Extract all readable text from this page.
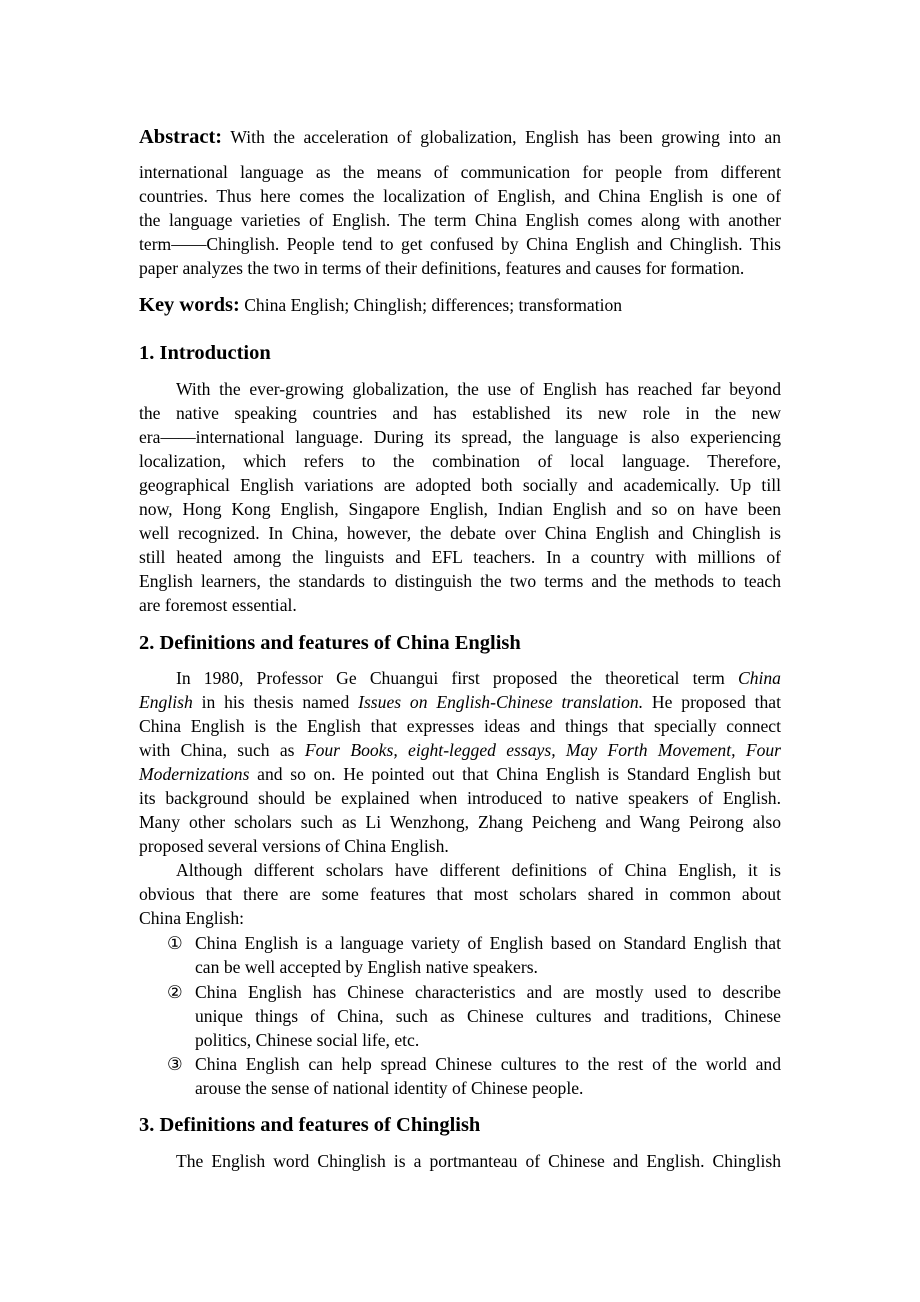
Abstract: With the acceleration of globalization, English has been growing into an
international language as the means of communication for people from different
countries. Thus here comes the localization of English, and China English is one of
the language varieties of English. The term China English comes along with another
term——Chinglish. People tend to get confused by China English and Chinglish. This
paper analyzes the two in terms of their definitions, features and causes for formation.
Key words: China English; Chinglish; differences; transformation
1. Introduction
With the ever-growing globalization, the use of English has reached far beyond
the native speaking countries and has established its new role in the new
era——international language. During its spread, the language is also experiencing
localization, which refers to the combination of local language. Therefore,
geographical English variations are adopted both socially and academically. Up till
now, Hong Kong English, Singapore English, Indian English and so on have been
well recognized. In China, however, the debate over China English and Chinglish is
still heated among the linguists and EFL teachers. In a country with millions of
English learners, the standards to distinguish the two terms and the methods to teach
are foremost essential.
2. Definitions and features of China English
In 1980, Professor Ge Chuangui first proposed the theoretical term China
English in his thesis named Issues on English-Chinese translation. He proposed that
China English is the English that expresses ideas and things that specially connect
with China, such as Four Books, eight-legged essays, May Forth Movement, Four
Modernizations and so on. He pointed out that China English is Standard English but
its background should be explained when introduced to native speakers of English.
Many other scholars such as Li Wenzhong, Zhang Peicheng and Wang Peirong also
proposed several versions of China English.
Although different scholars have different definitions of China English, it is
obvious that there are some features that most scholars shared in common about
China English:
① China English is a language variety of English based on Standard English that
can be well accepted by English native speakers.
② China English has Chinese characteristics and are mostly used to describe
unique things of China, such as Chinese cultures and traditions, Chinese
politics, Chinese social life, etc.
③ China English can help spread Chinese cultures to the rest of the world and
arouse the sense of national identity of Chinese people.
3. Definitions and features of Chinglish
The English word Chinglish is a portmanteau of Chinese and English. Chinglish
